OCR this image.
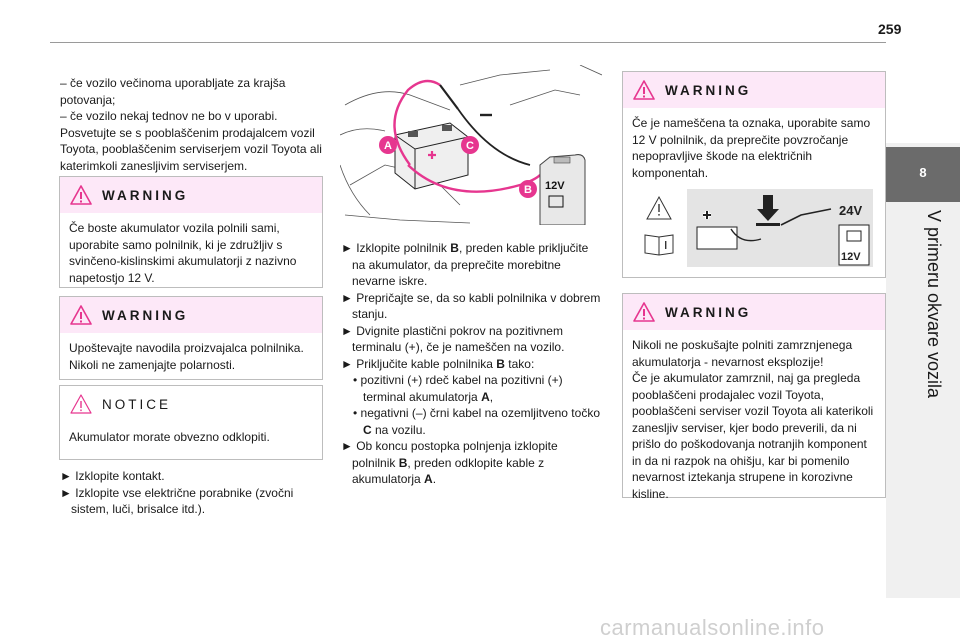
259
8
V primeru okvare vozila

– če vozilo večinoma uporabljate za krajša potovanja;

– če vozilo nekaj tednov ne bo v uporabi.

Posvetujte se s pooblaščenim prodajalcem vozil Toyota, pooblaščenim serviserjem vozil Toyota ali katerimkoli zanesljivim serviserjem.

WARNING
Če boste akumulator vozila polnili sami, uporabite samo polnilnik, ki je združljiv s svinčeno-kislinskimi akumulatorji z nazivno napetostjo 12 V.
WARNING
Upoštevajte navodila proizvajalca polnilnika. Nikoli ne zamenjajte polarnosti.
NOTICE
Akumulator morate obvezno odklopiti.

► Izklopite kontakt.

► Izklopite vse električne porabnike (zvočni sistem, luči, brisalce itd.).

12V
A	C
B

► Izklopite polnilnik B, preden kable priključite na akumulator, da preprečite morebitne nevarne iskre.

► Prepričajte se, da so kabli polnilnika v dobrem stanju.

► Dvignite plastični pokrov na pozitivnem terminalu (+), če je nameščen na vozilo.

► Priključite kable polnilnika B tako:

• pozitivni (+) rdeč kabel na pozitivni (+) terminal akumulatorja A,

• negativni (–) črni kabel na ozemljitveno točko C na vozilu.

► Ob koncu postopka polnjenja izklopite polnilnik B, preden odklopite kable z akumulatorja A.

WARNING
Če je nameščena ta oznaka, uporabite samo 12 V polnilnik, da preprečite povzročanje nepopravljive škode na električnih komponentah.
24V
12V
WARNING

Nikoli ne poskušajte polniti zamrznjenega akumulatorja - nevarnost eksplozije!

Če je akumulator zamrznil, naj ga pregleda pooblaščeni prodajalec vozil Toyota, pooblaščeni serviser vozil Toyota ali katerikoli zanesljiv serviser, kjer bodo preverili, da ni prišlo do poškodovanja notranjih komponent in da ni razpok na ohišju, kar bi pomenilo nevarnost iztekanja strupene in korozivne kisline.

carmanualsonline.info
